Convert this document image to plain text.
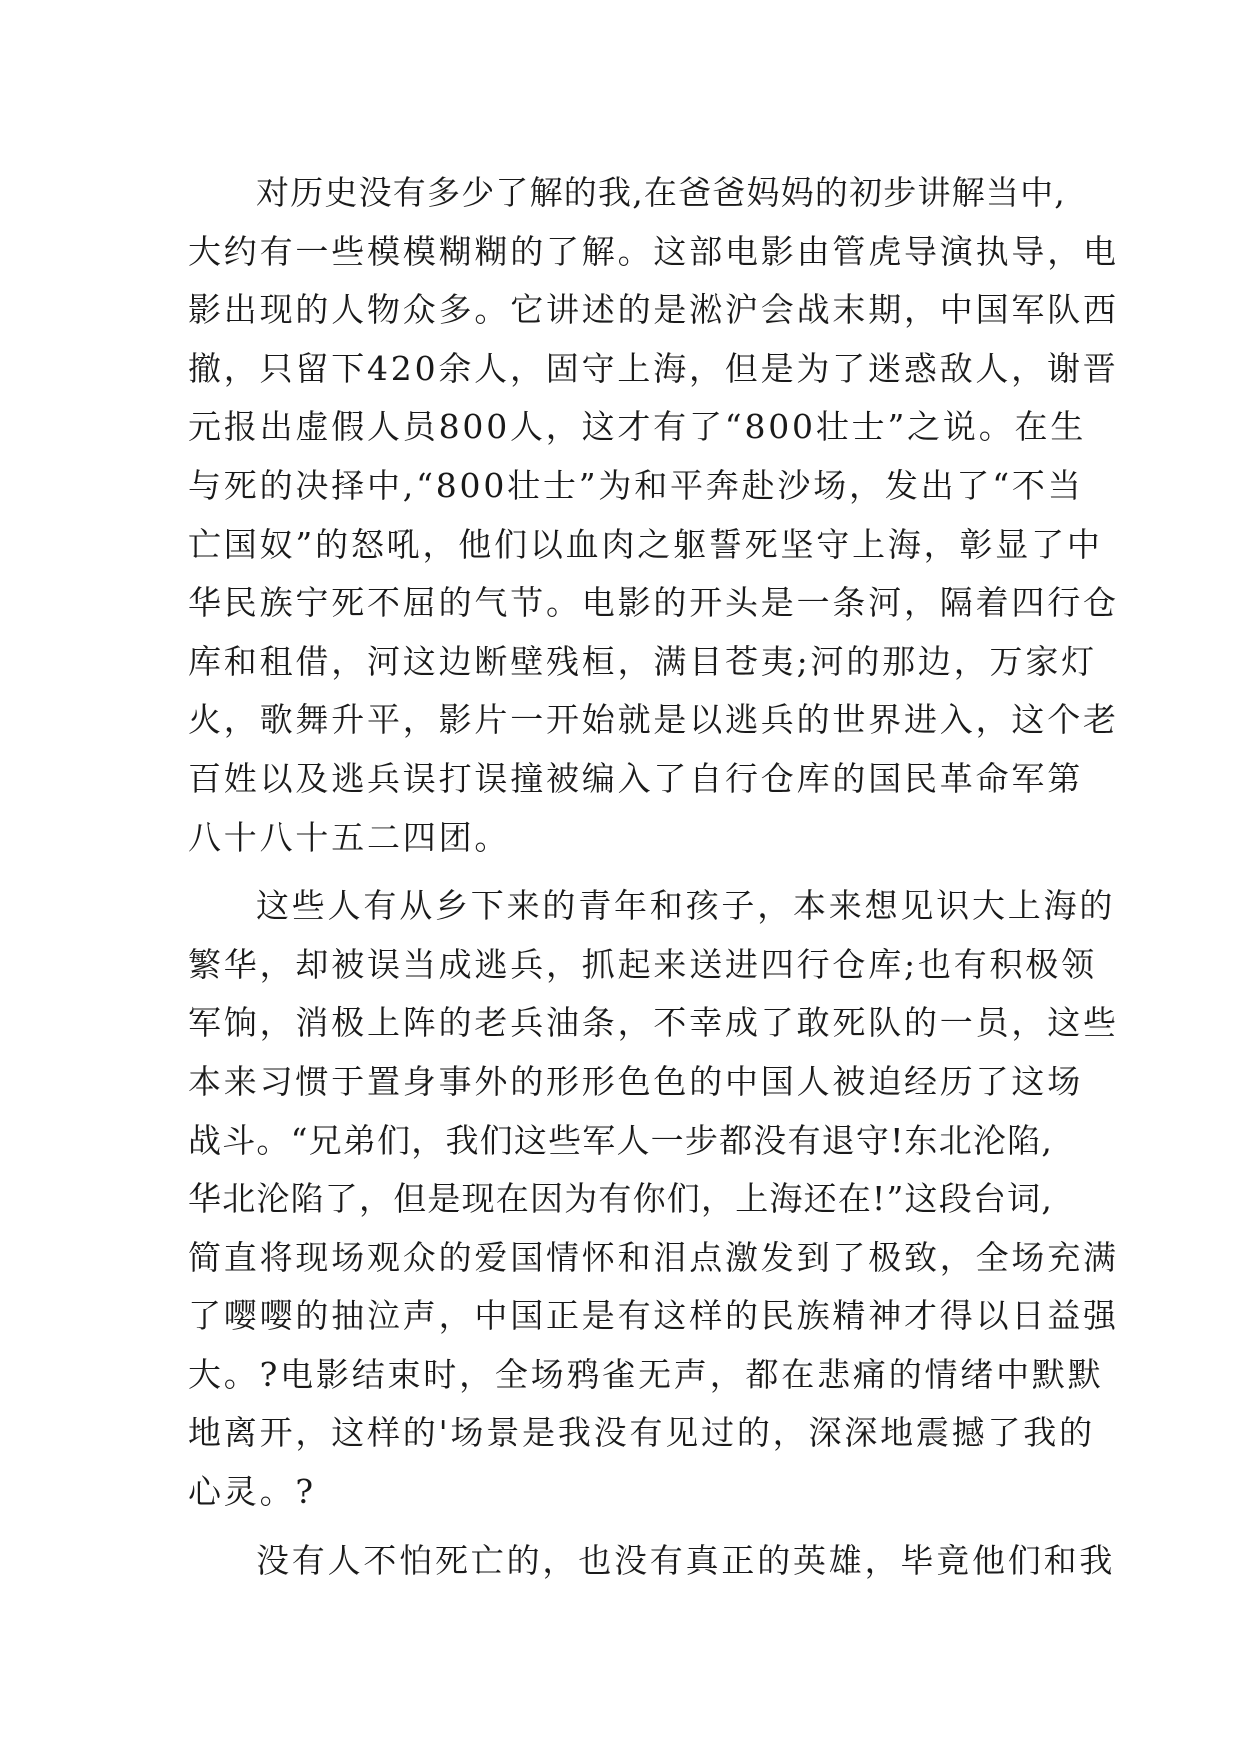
对历史没有多少了解的我,在爸爸妈妈的初步讲解当中,
大约有一些模模糊糊的了解。这部电影由管虎导演执导，电
影出现的人物众多。它讲述的是淞沪会战末期，中国军队西
撤，只留下420余人，固守上海，但是为了迷惑敌人，谢晋
元报出虚假人员800人，这才有了“800壮士”之说。在生
与死的决择中,“800壮士”为和平奔赴沙场，发出了“不当
亡国奴”的怒吼，他们以血肉之躯誓死坚守上海，彰显了中
华民族宁死不屈的气节。电影的开头是一条河，隔着四行仓
库和租借，河这边断壁残桓，满目苍夷;河的那边，万家灯
火，歌舞升平，影片一开始就是以逃兵的世界进入，这个老
百姓以及逃兵误打误撞被编入了自行仓库的国民革命军第
八十八十五二四团。
这些人有从乡下来的青年和孩子，本来想见识大上海的
繁华，却被误当成逃兵，抓起来送进四行仓库;也有积极领
军饷，消极上阵的老兵油条，不幸成了敢死队的一员，这些
本来习惯于置身事外的形形色色的中国人被迫经历了这场
战斗。“兄弟们，我们这些军人一步都没有退守!东北沦陷,
华北沦陷了，但是现在因为有你们，上海还在!”这段台词,
简直将现场观众的爱国情怀和泪点激发到了极致，全场充满
了嘤嘤的抽泣声，中国正是有这样的民族精神才得以日益强
大。?电影结束时，全场鸦雀无声，都在悲痛的情绪中默默
地离开，这样的'场景是我没有见过的，深深地震撼了我的
心灵。?
没有人不怕死亡的，也没有真正的英雄，毕竟他们和我
